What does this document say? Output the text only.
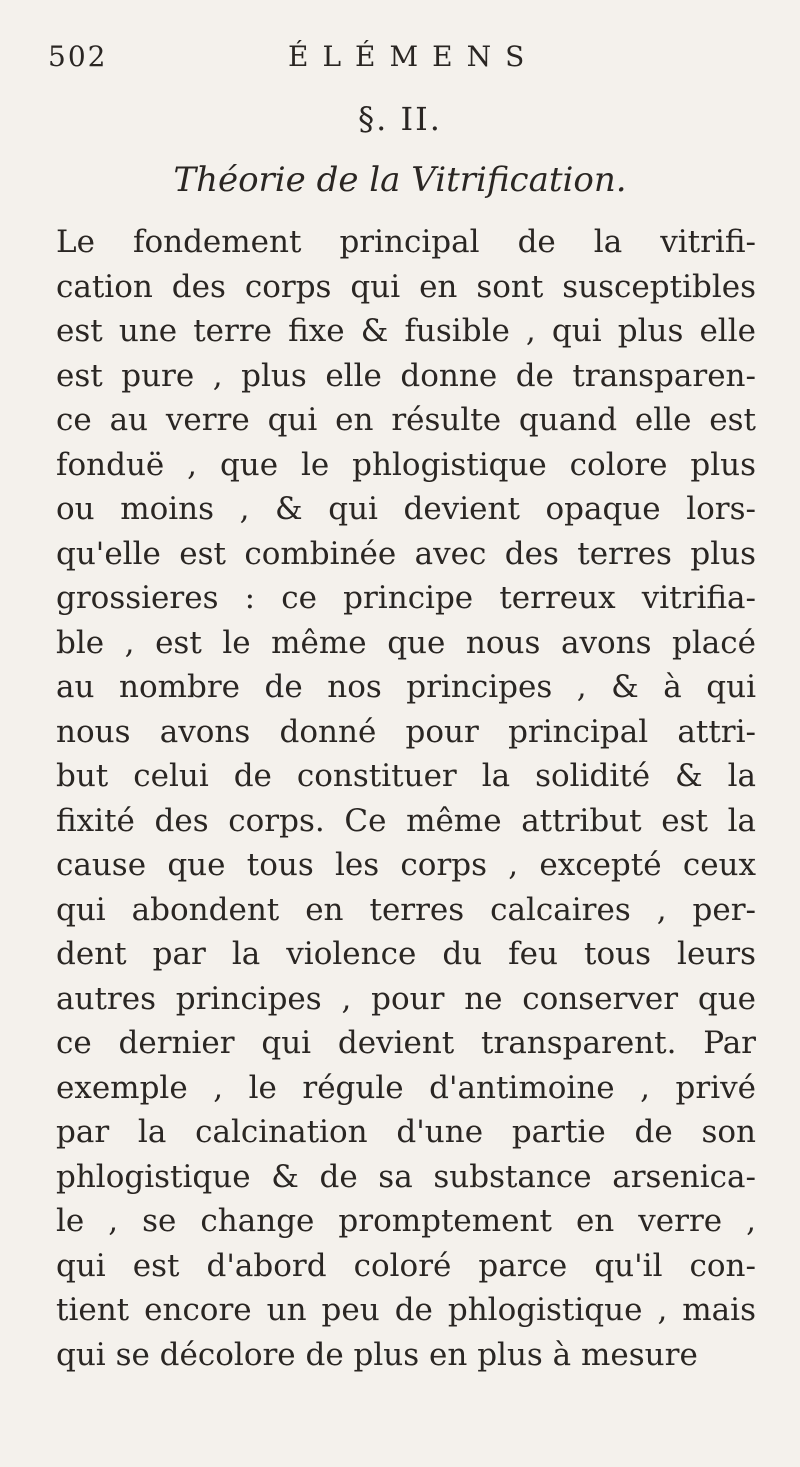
502	ÉLÉMENS
§. II.
Théorie de la Vitrification.
Le fondement principal de la vitrifi-
cation des corps qui en sont susceptibles
est une terre fixe & fusible , qui plus elle
est pure , plus elle donne de transparen-
ce au verre qui en résulte quand elle est
fonduë , que le phlogistique colore plus
ou moins , & qui devient opaque lors-
qu'elle est combinée avec des terres plus
grossieres : ce principe terreux vitrifia-
ble , est le même que nous avons placé
au nombre de nos principes , & à qui
nous avons donné pour principal attri-
but celui de constituer la solidité & la
fixité des corps. Ce même attribut est la
cause que tous les corps , excepté ceux
qui abondent en terres calcaires , per-
dent par la violence du feu tous leurs
autres principes , pour ne conserver que
ce dernier qui devient transparent. Par
exemple , le régule d'antimoine , privé
par la calcination d'une partie de son
phlogistique & de sa substance arsenica-
le , se change promptement en verre ,
qui est d'abord coloré parce qu'il con-
tient encore un peu de phlogistique , mais
qui se décolore de plus en plus à mesure
